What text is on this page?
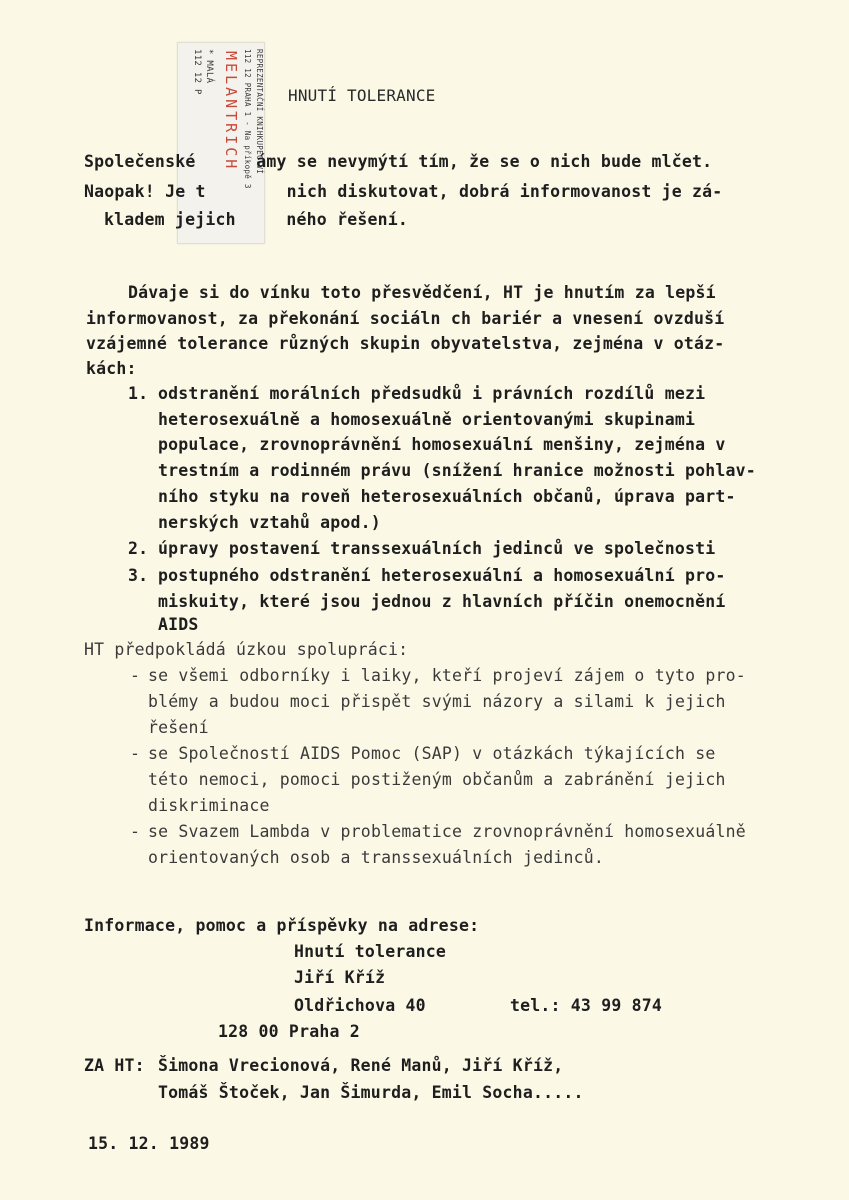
REPREZENTAČNÍ KNIHKUPECTVÍ
112 12 PRAHA 1 - Na příkopě 3
MELANTRICH
* MALÁ
112 12 P
HNUTÍ TOLERANCE
Společenské      ámy se nevymýtí tím, že se o nich bude mlčet.
Naopak! Je t        nich diskutovat, dobrá informovanost je zá-
kladem jejich     ného řešení.
Dávaje si do vínku toto přesvědčení, HT je hnutím za lepší
informovanost, za překonání sociáln ch bariér a vnesení ovzduší
vzájemné tolerance různých skupin obyvatelstva, zejména v otáz-
kách:
1. odstranění morálních předsudků i právních rozdílů mezi
heterosexuálně a homosexuálně orientovanými skupinami
populace, zrovnoprávnění homosexuální menšiny, zejména v
trestním a rodinném právu (snížení hranice možnosti pohlav-
ního styku na roveň heterosexuálních občanů, úprava part-
nerských vztahů apod.)
2. úpravy postavení transsexuálních jedinců ve společnosti
3. postupného odstranění heterosexuální a homosexuální pro-
miskuity, které jsou jednou z hlavních příčin onemocnění
AIDS
HT předpokládá úzkou spolupráci:
- se všemi odborníky i laiky, kteří projeví zájem o tyto pro-
blémy a budou moci přispět svými názory a silami k jejich
řešení
- se Společností AIDS Pomoc (SAP) v otázkách týkajících se
této nemoci, pomoci postiženým občanům a zabránění jejich
diskriminace
- se Svazem Lambda v problematice zrovnoprávnění homosexuálně
orientovaných osob a transsexuálních jedinců.
Informace, pomoc a příspěvky na adrese:
Hnutí tolerance
Jiří Kříž
Oldřichova 40	tel.: 43 99 874
128 00 Praha 2
ZA HT: Šimona Vrecionová, René Manů, Jiří Kříž,
Tomáš Štoček, Jan Šimurda, Emil Socha.....
15. 12. 1989
